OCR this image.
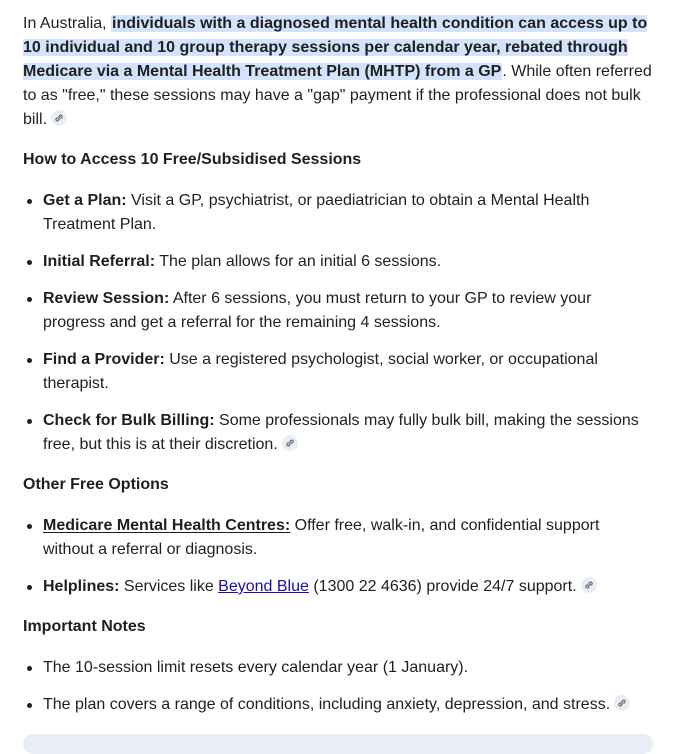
In Australia, individuals with a diagnosed mental health condition can access up to 10 individual and 10 group therapy sessions per calendar year, rebated through Medicare via a Mental Health Treatment Plan (MHTP) from a GP. While often referred to as "free," these sessions may have a "gap" payment if the professional does not bulk bill.

How to Access 10 Free/Subsidised Sessions
Get a Plan: Visit a GP, psychiatrist, or paediatrician to obtain a Mental Health Treatment Plan.
Initial Referral: The plan allows for an initial 6 sessions.
Review Session: After 6 sessions, you must return to your GP to review your progress and get a referral for the remaining 4 sessions.
Find a Provider: Use a registered psychologist, social worker, or occupational therapist.
Check for Bulk Billing: Some professionals may fully bulk bill, making the sessions free, but this is at their discretion.
Other Free Options
Medicare Mental Health Centres: Offer free, walk-in, and confidential support without a referral or diagnosis.
Helplines: Services like Beyond Blue (1300 22 4636) provide 24/7 support.
Important Notes
The 10-session limit resets every calendar year (1 January).
The plan covers a range of conditions, including anxiety, depression, and stress.
